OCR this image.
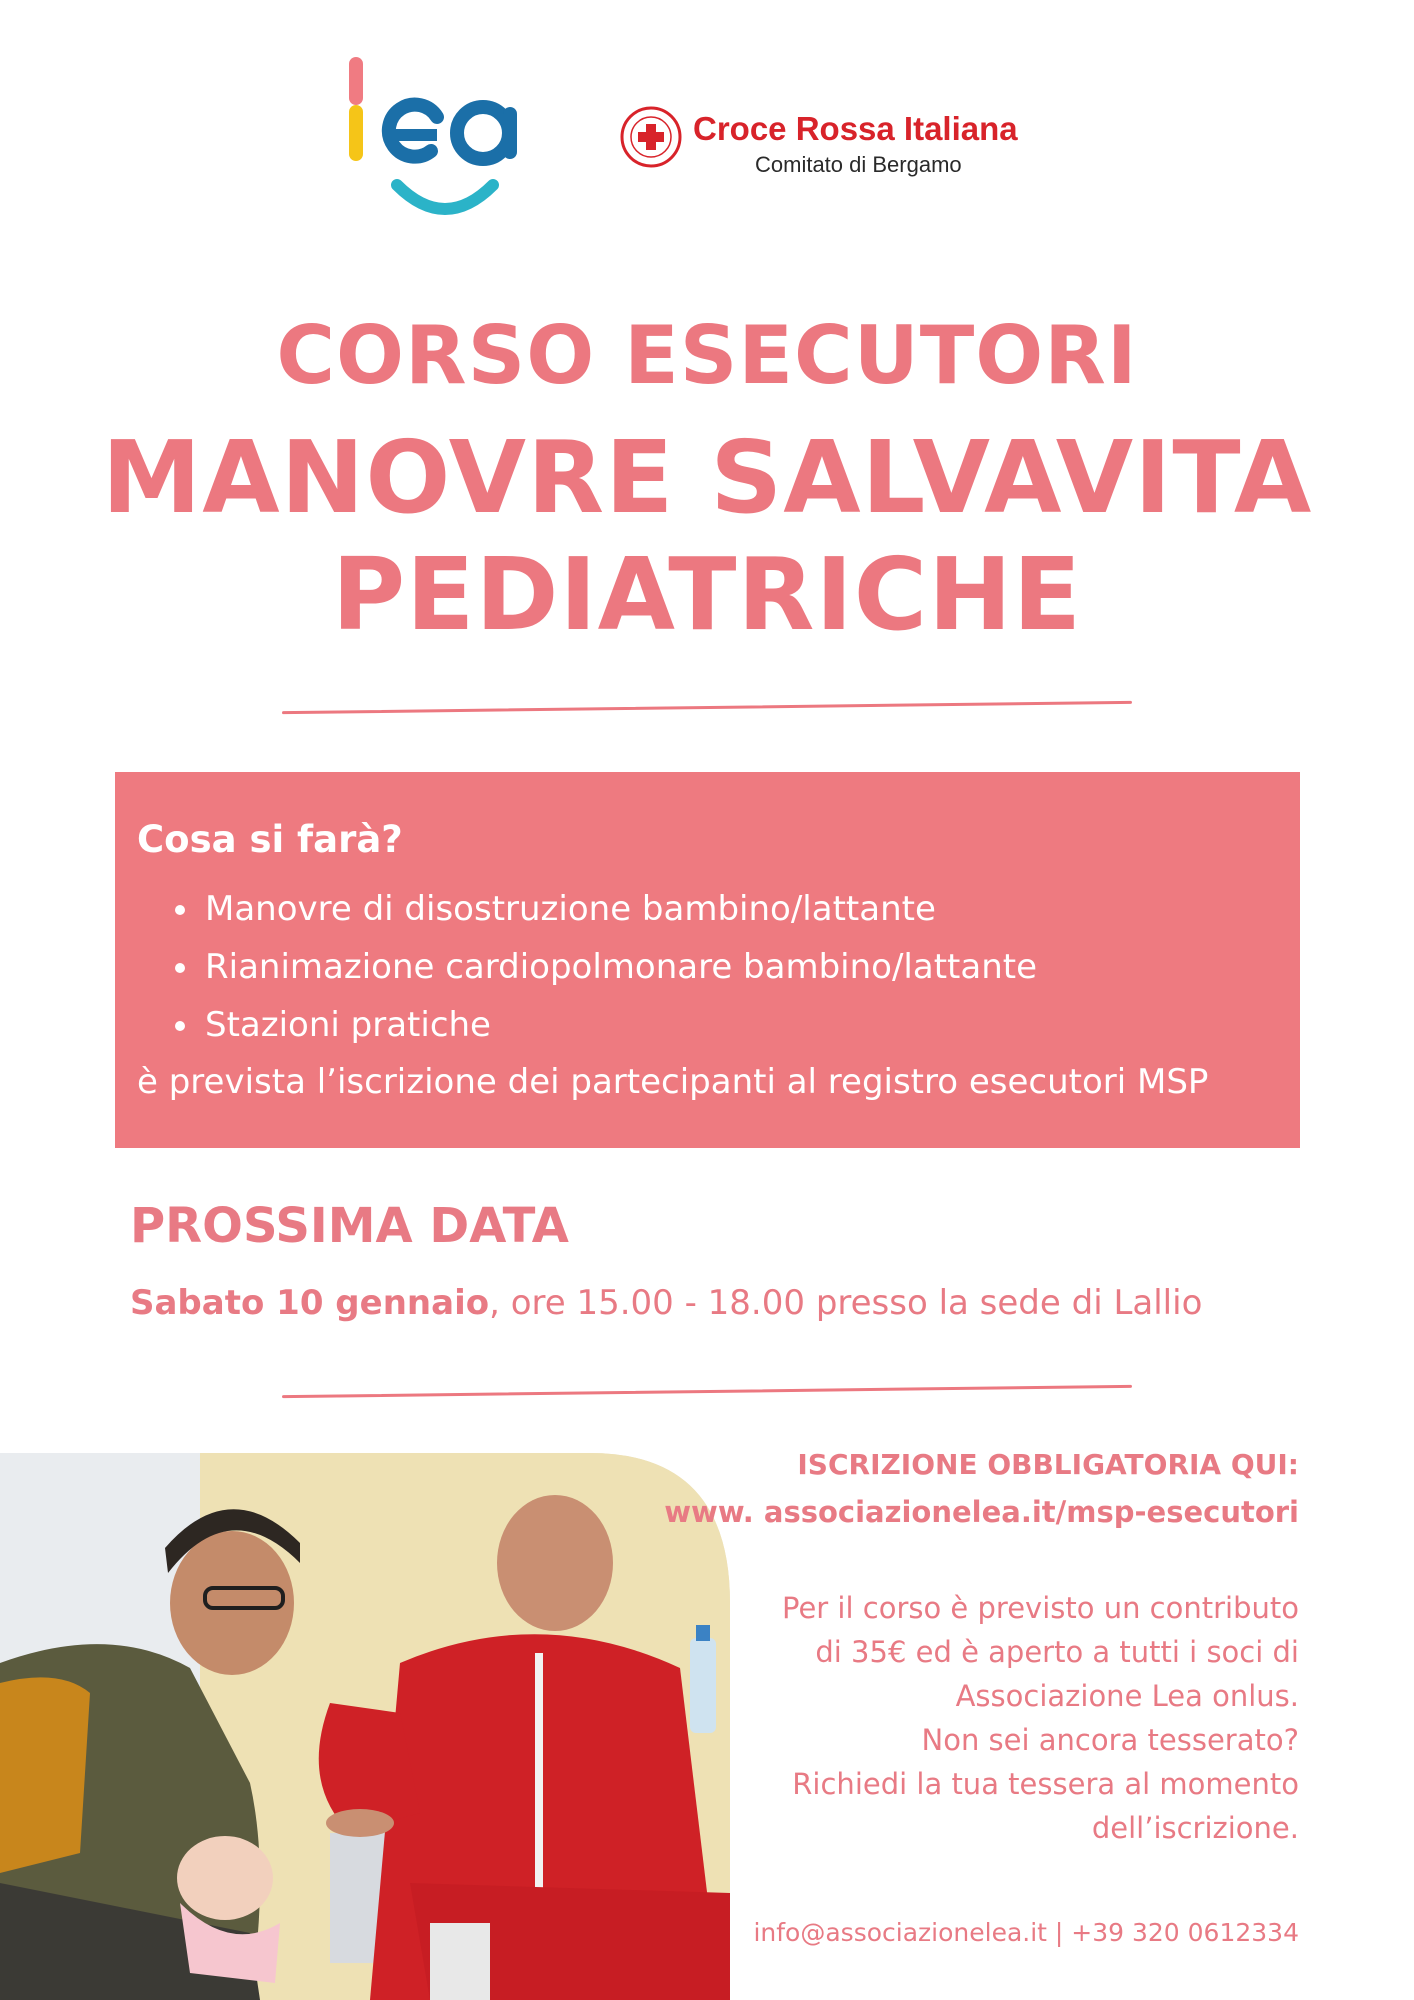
Croce Rossa Italiana
Comitato di Bergamo
CORSO ESECUTORI
MANOVRE SALVAVITA
PEDIATRICHE
Cosa si farà?
Manovre di disostruzione bambino/lattante
Rianimazione cardiopolmonare bambino/lattante
Stazioni pratiche
è prevista l’iscrizione dei partecipanti al registro esecutori MSP
PROSSIMA DATA
Sabato 10 gennaio, ore 15.00 - 18.00 presso la sede di Lallio
ISCRIZIONE OBBLIGATORIA QUI:
www. associazionelea.it/msp-esecutori
Per il corso è previsto un contributo
di 35€ ed è aperto a tutti i soci di
Associazione Lea onlus.
Non sei ancora tesserato?
Richiedi la tua tessera al momento
dell’iscrizione.
info@associazionelea.it | +39 320 0612334
